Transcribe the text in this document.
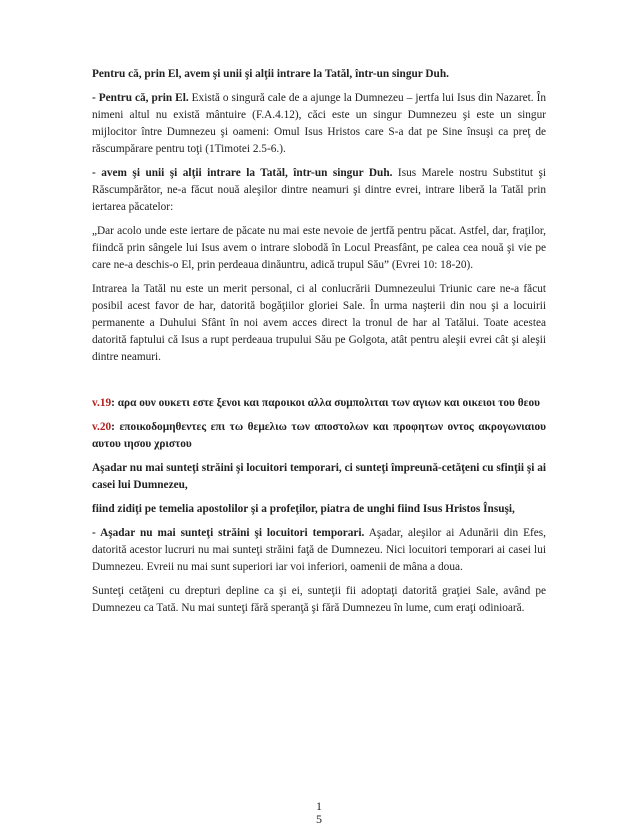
Pentru că, prin El, avem şi unii şi alţii intrare la Tatăl, într-un singur Duh.

- Pentru că, prin El. Există o singură cale de a ajunge la Dumnezeu – jertfa lui Isus din Nazaret. În nimeni altul nu există mântuire (F.A.4.12), căci este un singur Dumnezeu şi este un singur mijlocitor între Dumnezeu şi oameni: Omul Isus Hristos care S-a dat pe Sine însuşi ca preţ de răscumpărare pentru toţi (1Timotei 2.5-6.).

- avem şi unii şi alţii intrare la Tatăl, într-un singur Duh. Isus Marele nostru Substitut şi Răscumpărător, ne-a făcut nouă aleşilor dintre neamuri şi dintre evrei, intrare liberă la Tatăl prin iertarea păcatelor:

„Dar acolo unde este iertare de păcate nu mai este nevoie de jertfă pentru păcat. Astfel, dar, fraţilor, fiindcă prin sângele lui Isus avem o intrare slobodă în Locul Preasfânt, pe calea cea nouă şi vie pe care ne-a deschis-o El, prin perdeaua dinăuntru, adică trupul Său” (Evrei 10: 18-20).

Intrarea la Tatăl nu este un merit personal, ci al conlucrării Dumnezeului Triunic care ne-a făcut posibil acest favor de har, datorită bogăţiilor gloriei Sale. În urma naşterii din nou şi a locuirii permanente a Duhului Sfânt în noi avem acces direct la tronul de har al Tatălui. Toate acestea datorită faptului că Isus a rupt perdeaua trupului Său pe Golgota, atât pentru aleşii evrei cât şi aleşii dintre neamuri.

v.19: αρα ουν ουκετι εστε ξενοι και παροικοι αλλα συμπολιται των αγιων και οικειοι του θεου

v.20: εποικοδομηθεντες επι τω θεμελιω των αποστολων και προφητων οντος ακρογωνιαιου αυτου ιησου χριστου

Aşadar nu mai sunteţi străini şi locuitori temporari, ci sunteţi împreună-cetăţeni cu sfinţii şi ai casei lui Dumnezeu,

fiind zidiţi pe temelia apostolilor şi a profeţilor, piatra de unghi fiind Isus Hristos Însuşi,

- Aşadar nu mai sunteţi străini şi locuitori temporari. Aşadar, aleşilor ai Adunării din Efes, datorită acestor lucruri nu mai sunteţi străini faţă de Dumnezeu. Nici locuitori temporari ai casei lui Dumnezeu. Evreii nu mai sunt superiori iar voi inferiori, oamenii de mâna a doua.

Sunteţi cetăţeni cu drepturi depline ca şi ei, sunteţii fii adoptaţi datorită graţiei Sale, având pe Dumnezeu ca Tată. Nu mai sunteţi fără speranţă şi fără Dumnezeu în lume, cum eraţi odinioară.

1
5
